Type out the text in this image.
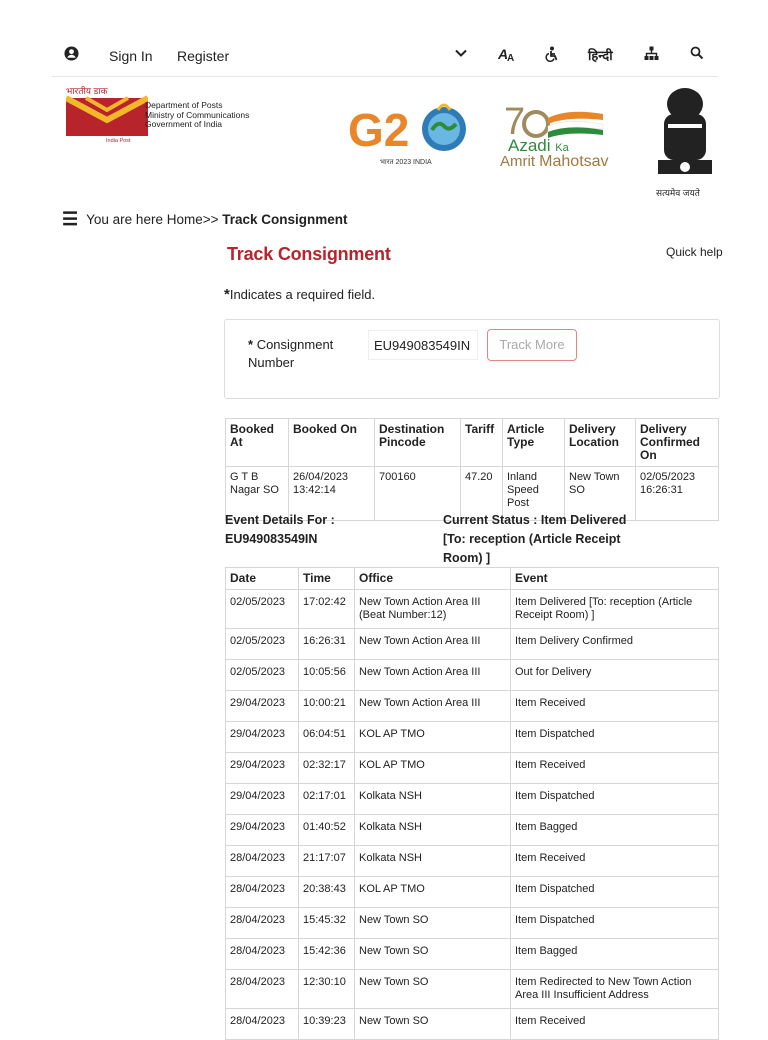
Sign In Register	A
A	हिन्दी
भारतीय डाक
India Post
Department of Posts
Ministry of Communications
Government of India	G2
भारत 2023 INDIA
7
Azadi Ka
Amrit Mahotsav
सत्यमेव जयते
☰ You are here Home>> Track Consignment
Track Consignment	Quick help
*Indicates a required field.
* Consignment Number
EU949083549IN	Track More
Booked At	Booked On	Destination Pincode	Tariff	Article Type	Delivery Location	Delivery Confirmed On
G T B Nagar SO	26/04/2023 13:42:14	700160	47.20	Inland Speed Post	New Town SO	02/05/2023 16:26:31
Event Details For :
EU949083549IN
Current Status : Item Delivered
[To: reception (Article Receipt
Room) ]
Date	Time	Office	Event
02/05/2023	17:02:42	New Town Action Area III (Beat Number:12)	Item Delivered [To: reception (Article Receipt Room) ]
02/05/2023	16:26:31	New Town Action Area III	Item Delivery Confirmed
02/05/2023	10:05:56	New Town Action Area III	Out for Delivery
29/04/2023	10:00:21	New Town Action Area III	Item Received
29/04/2023	06:04:51	KOL AP TMO	Item Dispatched
29/04/2023	02:32:17	KOL AP TMO	Item Received
29/04/2023	02:17:01	Kolkata NSH	Item Dispatched
29/04/2023	01:40:52	Kolkata NSH	Item Bagged
28/04/2023	21:17:07	Kolkata NSH	Item Received
28/04/2023	20:38:43	KOL AP TMO	Item Dispatched
28/04/2023	15:45:32	New Town SO	Item Dispatched
28/04/2023	15:42:36	New Town SO	Item Bagged
28/04/2023	12:30:10	New Town SO	Item Redirected to New Town Action Area III Insufficient Address
28/04/2023	10:39:23	New Town SO	Item Received
